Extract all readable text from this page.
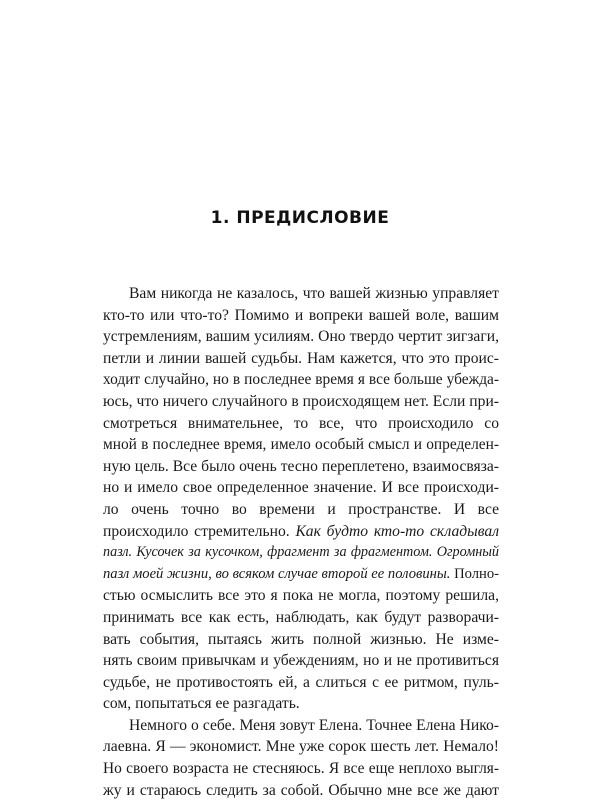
1. ПРЕДИСЛОВИЕ
Вам никогда не казалось, что вашей жизнью управляет
кто-то или что-то? Помимо и вопреки вашей воле, вашим
устремлениям, вашим усилиям. Оно твердо чертит зигзаги,
петли и линии вашей судьбы. Нам кажется, что это проис-
ходит случайно, но в последнее время я все больше убежда-
юсь, что ничего случайного в происходящем нет. Если при-
смотреться внимательнее, то все, что происходило со
мной в последнее время, имело особый смысл и определен-
ную цель. Все было очень тесно переплетено, взаимосвяза-
но и имело свое определенное значение. И все происходи-
ло очень точно во времени и пространстве. И все
происходило стремительно. Как будто кто-то складывал
пазл. Кусочек за кусочком, фрагмент за фрагментом. Огромный
пазл моей жизни, во всяком случае второй ее половины. Полно-
стью осмыслить все это я пока не могла, поэтому решила,
принимать все как есть, наблюдать, как будут разворачи-
вать события, пытаясь жить полной жизнью. Не изме-
нять своим привычкам и убеждениям, но и не противиться
судьбе, не противостоять ей, а слиться с ее ритмом, пуль-
сом, попытаться ее разгадать.
Немного о себе. Меня зовут Елена. Точнее Елена Нико-
лаевна. Я — экономист. Мне уже сорок шесть лет. Немало!
Но своего возраста не стесняюсь. Я все еще неплохо выгля-
жу и стараюсь следить за собой. Обычно мне все же дают
